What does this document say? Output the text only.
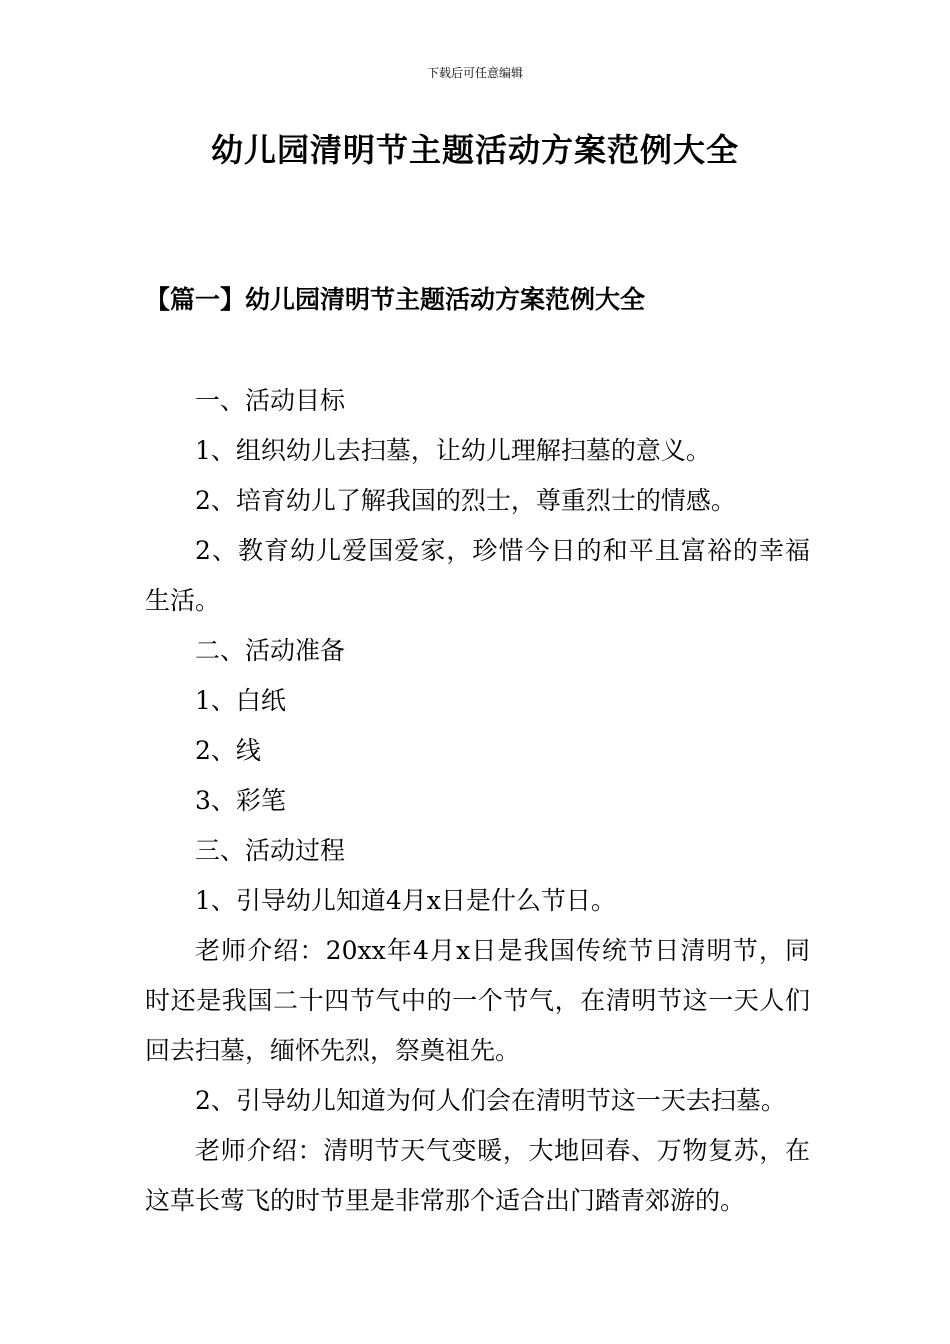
下载后可任意编辑
幼儿园清明节主题活动方案范例大全
【篇一】幼儿园清明节主题活动方案范例大全

一、活动目标

1、组织幼儿去扫墓，让幼儿理解扫墓的意义。

2、培育幼儿了解我国的烈士，尊重烈士的情感。

2、教育幼儿爱国爱家，珍惜今日的和平且富裕的幸福生活。

二、活动准备

1、白纸

2、线

3、彩笔

三、活动过程

1、引导幼儿知道4月x日是什么节日。

老师介绍：20xx年4月x日是我国传统节日清明节，同时还是我国二十四节气中的一个节气，在清明节这一天人们回去扫墓，缅怀先烈，祭奠祖先。

2、引导幼儿知道为何人们会在清明节这一天去扫墓。

老师介绍：清明节天气变暖，大地回春、万物复苏，在这草长莺飞的时节里是非常那个适合出门踏青郊游的。
